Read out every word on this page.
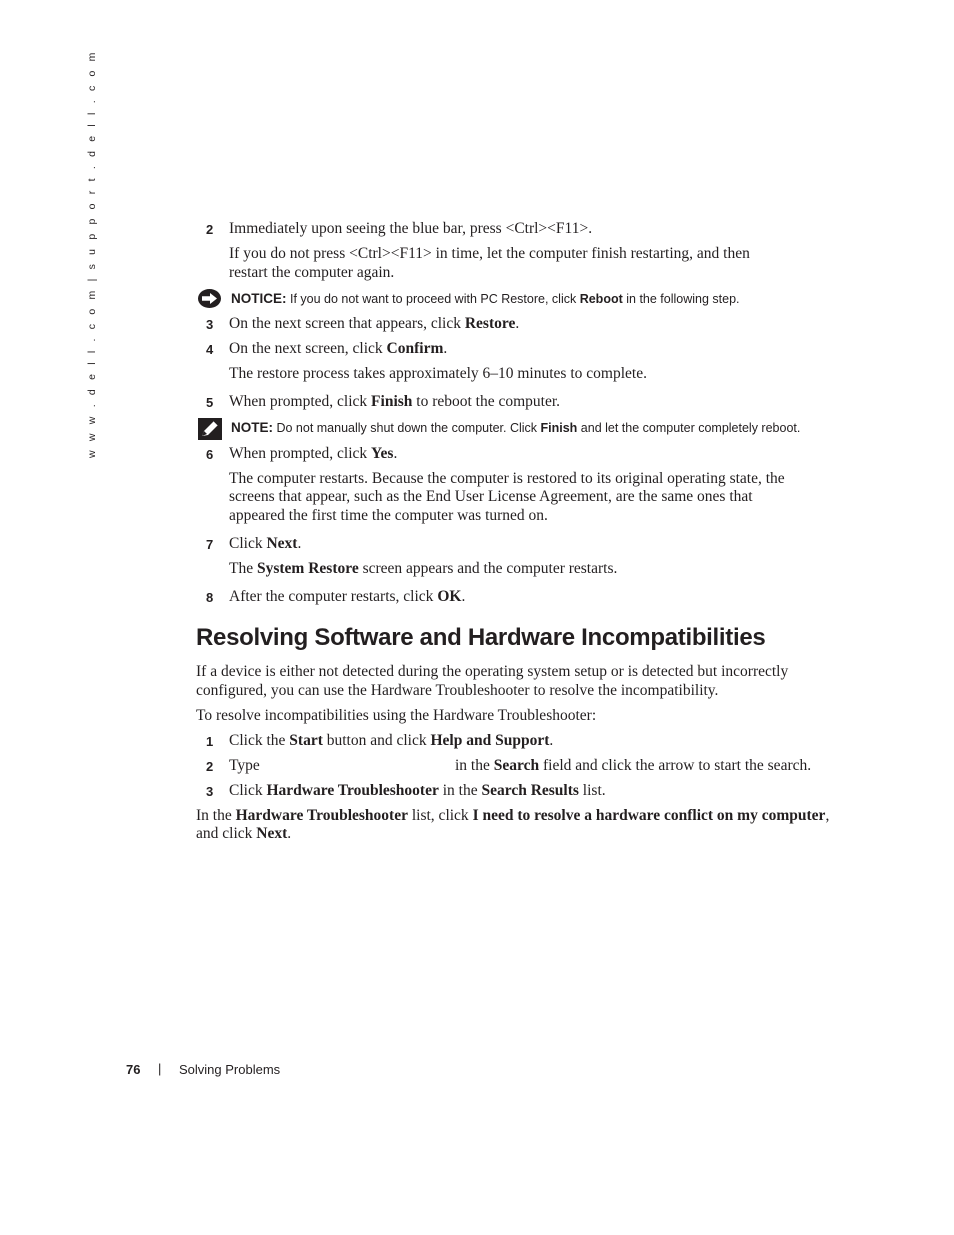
w w w . d e l l . c o m | s u p p o r t . d e l l . c o m	2 Immediately upon seeing the blue bar, press <Ctrl><F11>.
If you do not press <Ctrl><F11> in time, let the computer finish restarting, and then
restart the computer again.
NOTICE: If you do not want to proceed with PC Restore, click Reboot in the following step.
3 On the next screen that appears, click Restore.
4 On the next screen, click Confirm.
The restore process takes approximately 6–10 minutes to complete.
5 When prompted, click Finish to reboot the computer.
NOTE: Do not manually shut down the computer. Click Finish and let the computer completely reboot.
6 When prompted, click Yes.
The computer restarts. Because the computer is restored to its original operating state, the
screens that appear, such as the End User License Agreement, are the same ones that
appeared the first time the computer was turned on.
7 Click Next.
The System Restore screen appears and the computer restarts.
8 After the computer restarts, click OK.
Resolving Software and Hardware Incompatibilities
If a device is either not detected during the operating system setup or is detected but incorrectly
configured, you can use the Hardware Troubleshooter to resolve the incompatibility.
To resolve incompatibilities using the Hardware Troubleshooter:
1 Click the Start button and click Help and Support.
2 Type	in the Search field and click the arrow to start the search.
3 Click Hardware Troubleshooter in the Search Results list.
In the Hardware Troubleshooter list, click I need to resolve a hardware conflict on my computer,
and click Next.
76 | Solving Problems
